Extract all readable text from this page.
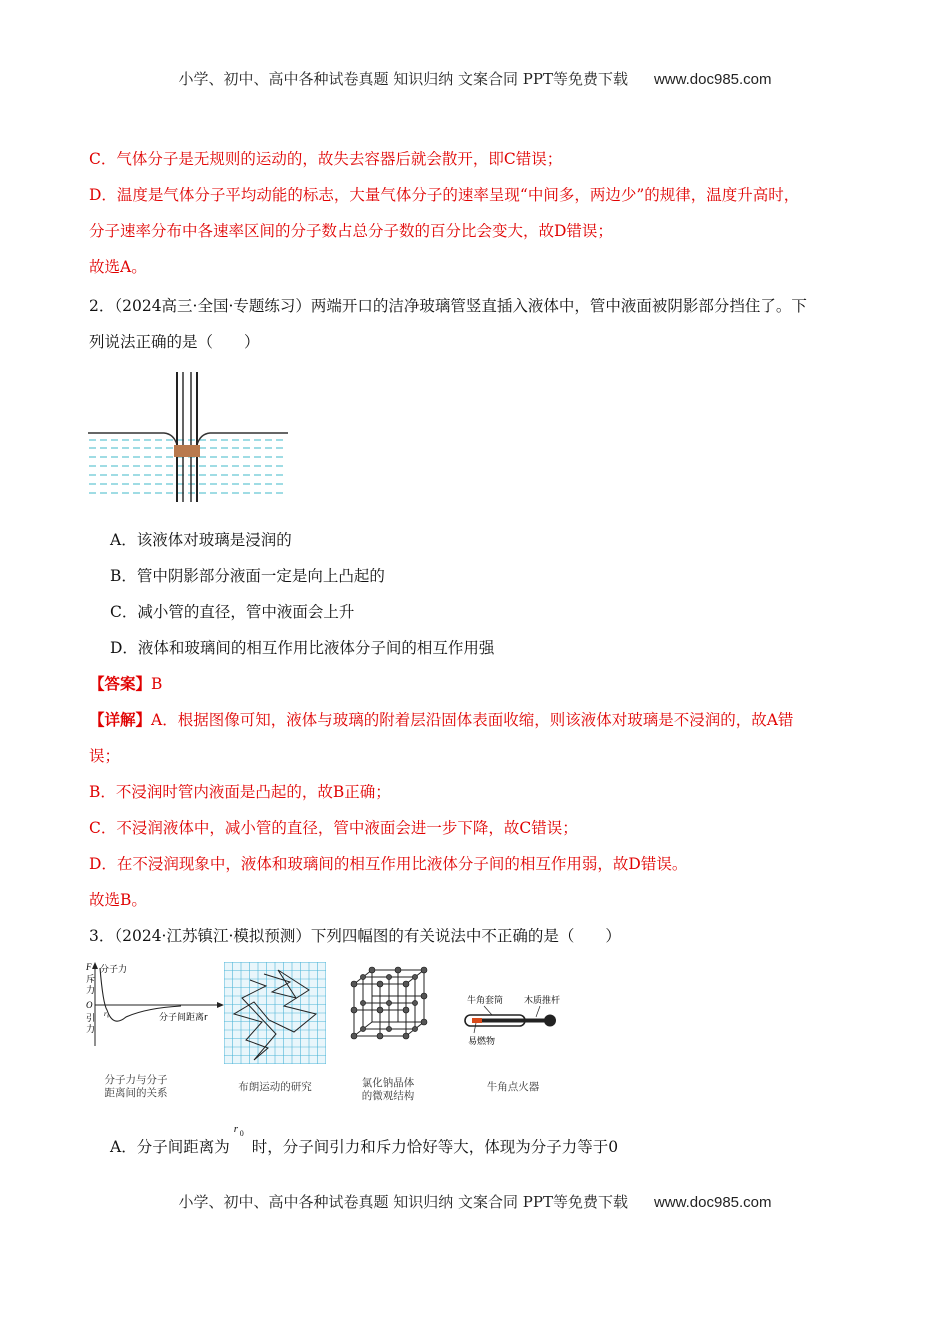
小学、初中、高中各种试卷真题 知识归纳 文案合同 PPT等免费下载 www.doc985.com
C．气体分子是无规则的运动的，故失去容器后就会散开，即C错误；
D．温度是气体分子平均动能的标志，大量气体分子的速率呈现“中间多，两边少”的规律，温度升高时，
分子速率分布中各速率区间的分子数占总分子数的百分比会变大，故D错误；
故选A。
2．（2024高三·全国·专题练习）两端开口的洁净玻璃管竖直插入液体中，管中液面被阴影部分挡住了。下
列说法正确的是（　　）
A．该液体对玻璃是浸润的
B．管中阴影部分液面一定是向上凸起的
C．减小管的直径，管中液面会上升
D．液体和玻璃间的相互作用比液体分子间的相互作用强
【答案】B
【详解】A．根据图像可知，液体与玻璃的附着层沿固体表面收缩，则该液体对玻璃是不浸润的，故A错
误；
B．不浸润时管内液面是凸起的，故B正确；
C．不浸润液体中，减小管的直径，管中液面会进一步下降，故C错误；
D．在不浸润现象中，液体和玻璃间的相互作用比液体分子间的相互作用弱，故D错误。
故选B。
3．（2024·江苏镇江·模拟预测）下列四幅图的有关说法中不正确的是（　　）
F 分子力
斥
力
O
引
力
r₀	分子间距离r
分子力与分子
距离间的关系	布朗运动的研究	氯化钠晶体
的微观结构
牛角套筒 木质推杆
易燃物
牛角点火器
A．分子间距离为
r 0
时，分子间引力和斥力恰好等大，体现为分子力等于0
小学、初中、高中各种试卷真题 知识归纳 文案合同 PPT等免费下载 www.doc985.com
